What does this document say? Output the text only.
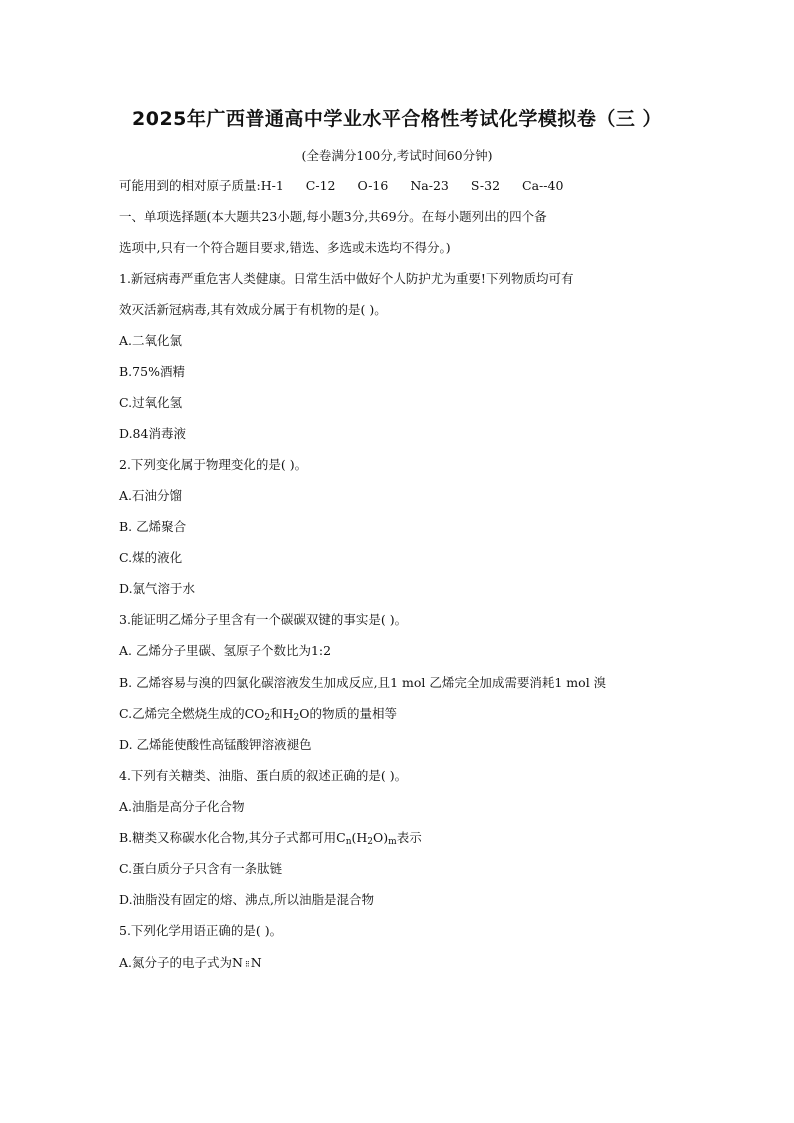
2025年广西普通高中学业水平合格性考试化学模拟卷（三 ）
(全卷满分100分,考试时间60分钟)
可能用到的相对原子质量:H-1 C-12 O-16 Na-23 S-32 Ca--40
一、单项选择题(本大题共23小题,每小题3分,共69分。在每小题列出的四个备
选项中,只有一个符合题目要求,错选、多选或未选均不得分。)
1.新冠病毒严重危害人类健康。日常生活中做好个人防护尤为重要!下列物质均可有
效灭活新冠病毒,其有效成分属于有机物的是( )。
A.二氧化氯
B.75%酒精
C.过氧化氢
D.84消毒液
2.下列变化属于物理变化的是( )。
A.石油分馏
B. 乙烯聚合
C.煤的液化
D.氯气溶于水
3.能证明乙烯分子里含有一个碳碳双键的事实是( )。
A. 乙烯分子里碳、氢原子个数比为1:2
B. 乙烯容易与溴的四氯化碳溶液发生加成反应,且1 mol 乙烯完全加成需要消耗1 mol 溴
C.乙烯完全燃烧生成的$CO_2$和$H_2O$的物质的量相等
D. 乙烯能使酸性高锰酸钾溶液褪色
4.下列有关糖类、油脂、蛋白质的叙述正确的是( )。
A.油脂是高分子化合物
B.糖类又称碳水化合物,其分子式都可用$C_n(H_2O)_m$表示
C.蛋白质分子只含有一条肽链
D.油脂没有固定的熔、沸点,所以油脂是混合物
5.下列化学用语正确的是( )。
A.氮分子的电子式为N ⁝⁝ N
